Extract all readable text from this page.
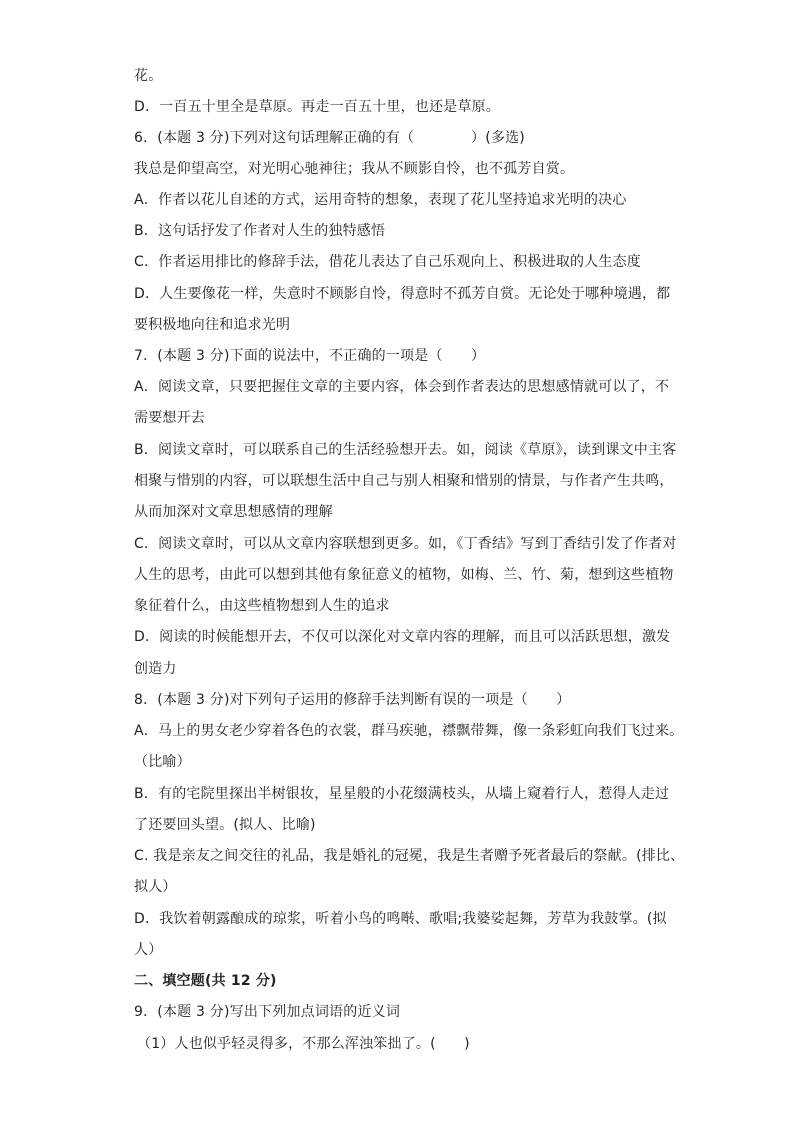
花。
D．一百五十里全是草原。再走一百五十里，也还是草原。
6．(本题 3 分)下列对这句话理解正确的有（　　　　）(多选)
我总是仰望高空，对光明心驰神往；我从不顾影自怜，也不孤芳自赏。
A．作者以花儿自述的方式，运用奇特的想象，表现了花儿坚持追求光明的决心
B．这句话抒发了作者对人生的独特感悟
C．作者运用排比的修辞手法，借花儿表达了自己乐观向上、积极进取的人生态度
D．人生要像花一样，失意时不顾影自怜，得意时不孤芳自赏。无论处于哪种境遇，都
要积极地向往和追求光明
7．(本题 3 分)下面的说法中，不正确的一项是（　　）
A．阅读文章，只要把握住文章的主要内容，体会到作者表达的思想感情就可以了，不
需要想开去
B．阅读文章时，可以联系自己的生活经验想开去。如，阅读《草原》，读到课文中主客
相聚与惜别的内容，可以联想生活中自己与别人相聚和惜别的情景，与作者产生共鸣，
从而加深对文章思想感情的理解
C．阅读文章时，可以从文章内容联想到更多。如，《丁香结》写到丁香结引发了作者对
人生的思考，由此可以想到其他有象征意义的植物，如梅、兰、竹、菊，想到这些植物
象征着什么，由这些植物想到人生的追求
D．阅读的时候能想开去，不仅可以深化对文章内容的理解，而且可以活跃思想，激发
创造力
8．(本题 3 分)对下列句子运用的修辞手法判断有误的一项是（　　）
A．马上的男女老少穿着各色的衣裳，群马疾驰，襟飘带舞，像一条彩虹向我们飞过来。
（比喻）
B．有的宅院里探出半树银妆，星星般的小花缀满枝头，从墙上窥着行人，惹得人走过
了还要回头望。(拟人、比喻)
C. 我是亲友之间交往的礼品，我是婚礼的冠冕，我是生者赠予死者最后的祭献。(排比、
拟人）
D．我饮着朝露酿成的琼浆，听着小鸟的鸣啭、歌唱;我婆娑起舞，芳草为我鼓掌。(拟
人）
二、填空题(共 12 分)
9．(本题 3 分)写出下列加点词语的近义词
（1）人也似乎轻灵得多，不那么浑浊笨拙了。(　　)
